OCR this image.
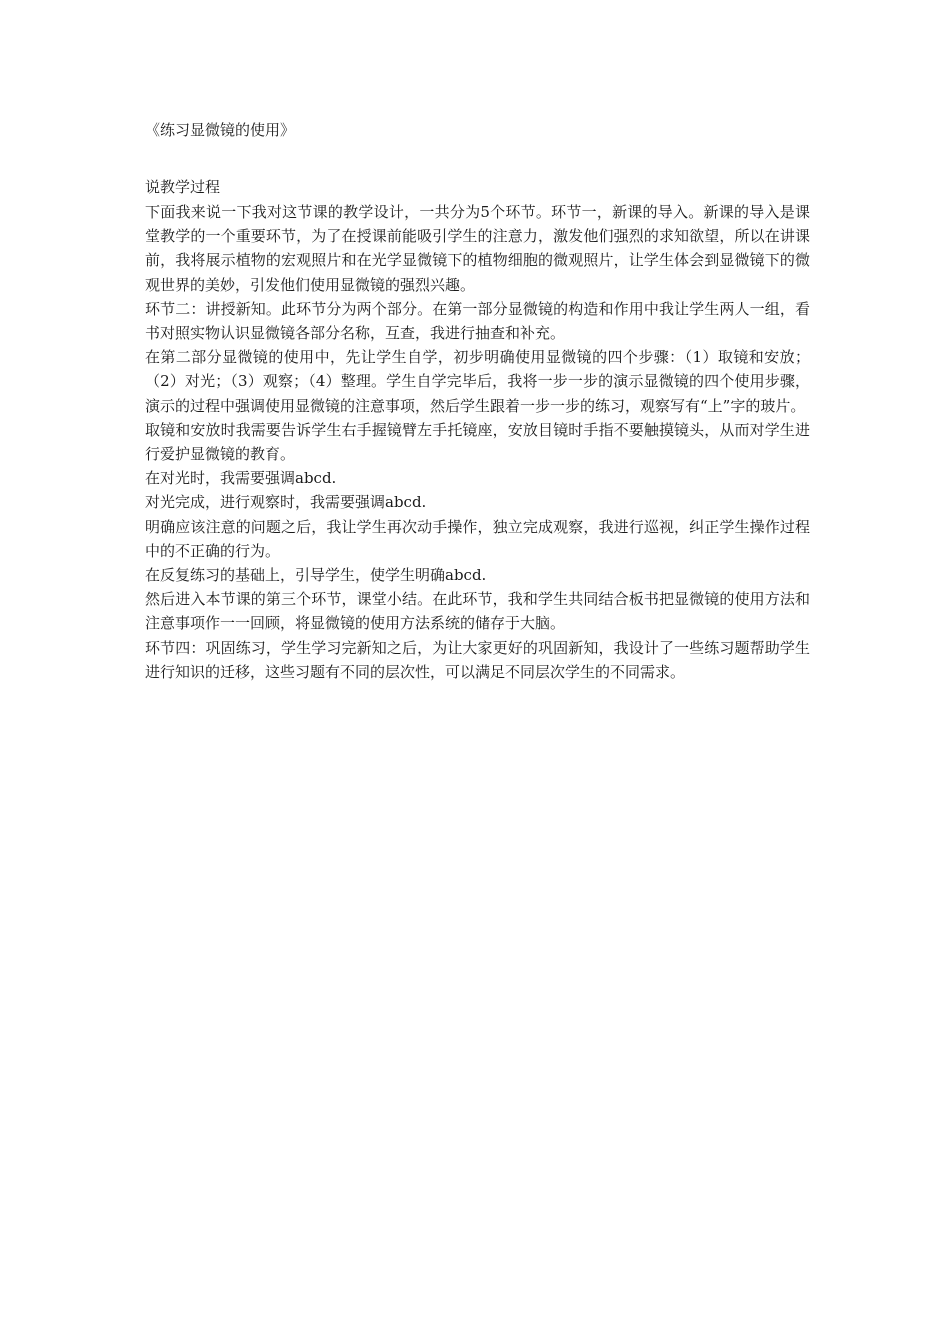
《练习显微镜的使用》

说教学过程

下面我来说一下我对这节课的教学设计，一共分为5个环节。环节一，新课的导入。新课的导入是课堂教学的一个重要环节，为了在授课前能吸引学生的注意力，激发他们强烈的求知欲望，所以在讲课前，我将展示植物的宏观照片和在光学显微镜下的植物细胞的微观照片，让学生体会到显微镜下的微观世界的美妙，引发他们使用显微镜的强烈兴趣。

环节二：讲授新知。此环节分为两个部分。在第一部分显微镜的构造和作用中我让学生两人一组，看书对照实物认识显微镜各部分名称，互查，我进行抽查和补充。

在第二部分显微镜的使用中，先让学生自学，初步明确使用显微镜的四个步骤：（1）取镜和安放；（2）对光；（3）观察；（4）整理。学生自学完毕后，我将一步一步的演示显微镜的四个使用步骤，演示的过程中强调使用显微镜的注意事项，然后学生跟着一步一步的练习，观察写有“上”字的玻片。

取镜和安放时我需要告诉学生右手握镜臂左手托镜座，安放目镜时手指不要触摸镜头，从而对学生进行爱护显微镜的教育。

在对光时，我需要强调abcd.

对光完成，进行观察时，我需要强调abcd.

明确应该注意的问题之后，我让学生再次动手操作，独立完成观察，我进行巡视，纠正学生操作过程中的不正确的行为。

在反复练习的基础上，引导学生，使学生明确abcd.

然后进入本节课的第三个环节，课堂小结。在此环节，我和学生共同结合板书把显微镜的使用方法和注意事项作一一回顾，将显微镜的使用方法系统的储存于大脑。

环节四：巩固练习，学生学习完新知之后，为让大家更好的巩固新知，我设计了一些练习题帮助学生进行知识的迁移，这些习题有不同的层次性，可以满足不同层次学生的不同需求。
